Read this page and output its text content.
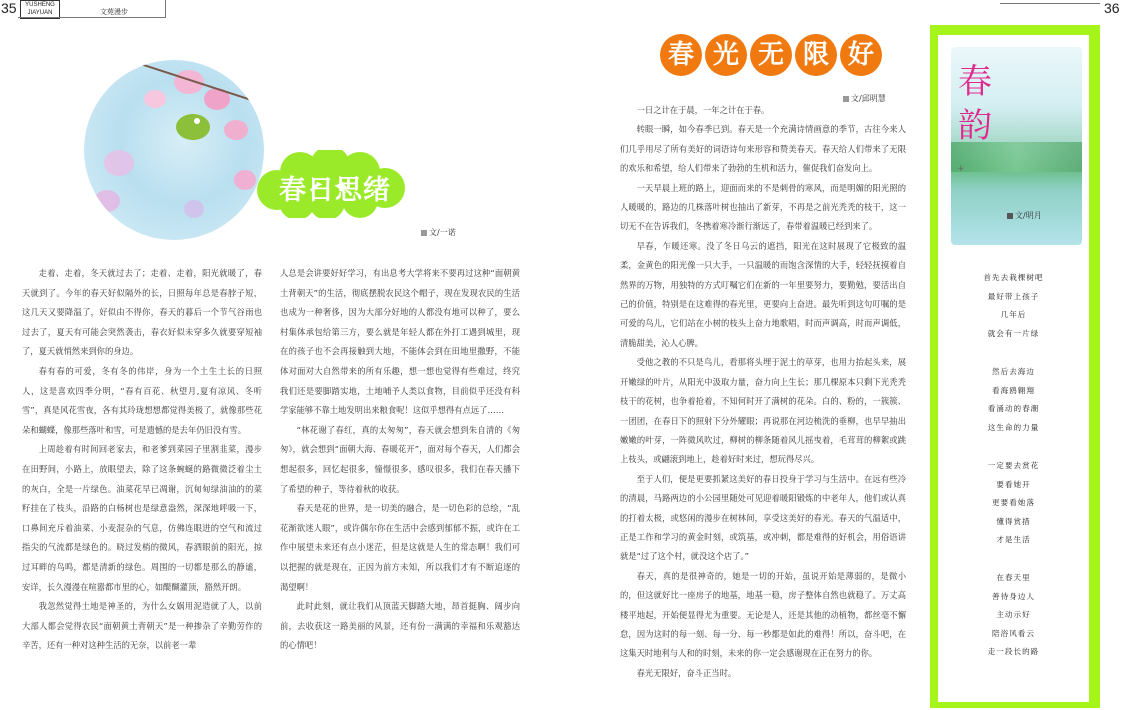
35	YUSHENG
JIAYUAN	文苑漫步	36
春日思绪
文/一诺

走着、走着，冬天就过去了；走着、走着，阳光就暖了，春天就到了。今年的春天好似隔外的长，日照每年总是春脖子短，这几天又要降温了，好似由不得你，春天的暮后一个节气谷雨也过去了，夏天有可能会突然袭击，春衣好似未穿多久就要穿短袖了，夏天就悄然来到你的身边。

春有春的可爱，冬有冬的伟岸，身为一个土生土长的日照人，这是喜欢四季分明，“春有百花、秋望月,夏有凉风、冬听雪”，真是风花雪夜，各有其玲珑想想都觉得美极了，就像那些花朵和蝴蝶，像那些落叶和雪，可是遗憾的是去年仍旧没有雪。

上周趁着有时间回老家去，和老爹到菜园子里割韭菜，漫步在田野间，小路上，放眼望去，除了这条蜿蜒的路微微泛着尘土的灰白，全是一片绿色。油菜花早已凋谢，沉甸甸绿油油的的菜籽挂在了枝头，沿路的白杨树也是绿意盎然，深深地呼吸一下，口鼻间充斥着油菜、小麦混杂的气息，仿佛连眼进的空气和流过指尖的气流都是绿色的。晓过发梢的微风，春洒眼前的阳光，掠过耳畔的鸟鸣，都是清新的绿色。周围的一切都是那么的静谧，安详，长久漫漫在喧嚣都市里的心，如醍醐灌顶，豁然开朗。

我忽然觉得土地是神圣的，为什么女娲用泥造就了人，以前大部人都会觉得农民“面朝黄土背朝天”是一种掺杂了辛勤劳作的辛苦，还有一种对这种生活的无奈，以前老一辈

人总是会讲要好好学习，有出息考大学将来不要再过这种“面朝黄土背朝天”的生活，彻底摆脱农民这个帽子，现在发现农民的生活也成为一种奢侈，因为大部分好地的人都没有地可以种了，要么村集体承包给第三方，要么就是年轻人都在外打工遇到城里，现在的孩子也不会再接触到大地，不能体会到在田地里撒野，不能体对面对大自然带来的所有乐趣，想一想也觉得有些难过，终究我们还是要脚踏实地，土地哺予人类以食物，目前似乎还没有科学家能够不靠土地发明出来粮食呢！这似乎想得有点远了……

“林花谢了春红，真的太匆匆”，春天就会想到朱自清的《匆匆》，就会想到“面朝大海、春暖花开”，面对每个春天，人们都会想起很多，回忆起很多，憧憬很多，感叹很多，我们在春天播下了希望的种子，等待着秋的收获。

春天是花的世界，是一切美的融合，是一切色彩的总绘，“乱花渐欲迷人眼”，或许偶尔你在生活中会感到郁郁不振，或许在工作中展望未来还有点小迷茫，但是这就是人生的常态啊！我们可以把握的就是现在，正因为前方未知，所以我们才有不断追逐的渴望啊！

此时此刻，就让我们从顶蓝天脚踏大地，昂首挺胸、阔步向前，去收获这一路美丽的风景，还有份一满满的幸福和乐观豁达的心情吧！

春 光 无 限 好
文/邱明慧

一日之计在于晨，一年之计在于春。

转眼一瞬，如今春季已到。春天是一个充满诗情画意的季节，古往今来人们几乎用尽了所有美好的词语诗句来形容和赞美春天。春天给人们带来了无限的欢乐和希望，给人们带来了勃勃的生机和活力，催促我们奋发向上。

一天早晨上班的路上，迎面而来的不是刺骨的寒风，而是明媚的阳光照的人暖暖的，路边的几株落叶树也抽出了新芽，不再是之前光秃秃的枝干，这一切无不在告诉我们，冬携着寒冷渐行渐远了，春带着温暖已经到来了。

早春，乍暖还寒。没了冬日乌云的遮挡，阳光在这时展现了它极致的温柔，金黄色的阳光像一只大手，一只温暖的而饱含深情的大手，轻轻抚摸着自然界的万物，用独特的方式叮嘱它们在新的一年里要努力，要勤勉，要活出自己的价值，特别是在这难得的春光里，更要向上奋进。最先听到这句叮嘱的是可爱的鸟儿，它们站在小树的枝头上奋力地歌唱，时而声调高，时而声调低，清脆甜美，沁人心脾。

受他之教的不只是鸟儿，看那将头埋于泥土的草芽，也用力抬起头来，展开嫩绿的叶片，从阳光中汲取力量，奋力向上生长；那几棵原本只剩下光秃秃枝干的花树，也争着抢着，不知何时开了满树的花朵。白的、粉的，一簇簇、一团团，在春日下的照射下分外耀眼；再说那在河边梳洗的垂柳，也早早抽出嫩嫩的叶芽，一阵微风吹过，柳树的柳条随着风儿摇曳着，毛茸茸的柳絮或跳上枝头，或翩滚到地上，趁着好时来过，想玩得尽兴。

至于人们，便是更要抓紧这美好的春日投身于学习与生活中。在远有些冷的清晨，马路两边的小公园里随处可见迎着暖阳锻炼的中老年人，他们或认真的打着太极，或悠闲的漫步在树林间，享受这美好的春光。春天的气温适中，正是工作和学习的黄金时刻，或筑基，或冲刺，都是难得的好机会，用俗语讲就是“过了这个村，就没这个店了。”

春天，真的是很神奇的，她是一切的开始，虽说开始是薄弱的，是微小的，但这就好比一座房子的地基，地基一稳，房子整体自然也就稳了。万丈高楼平地起，开始便显得尤为重要。无论是人，还是其他的动植物，都丝毫不懈怠，因为这时的每一刻、每一分、每一秒都是如此的难得！所以，奋斗吧，在这集天时地利与人和的时刻，未来的你一定会感谢现在正在努力的你。

春光无限好，奋斗正当时。

春
韵
+
文/明月
首先去栽棵树吧
最好带上孩子
几年后
就会有一片绿
然后去海边
看海鸥翱翔
看涌动的春潮
这生命的力量
一定要去赏花
要看她开
更要看她落
懂得赏措
才是生活
在春天里
善待身边人
主动示好
陪浴风看云
走一段长的路
